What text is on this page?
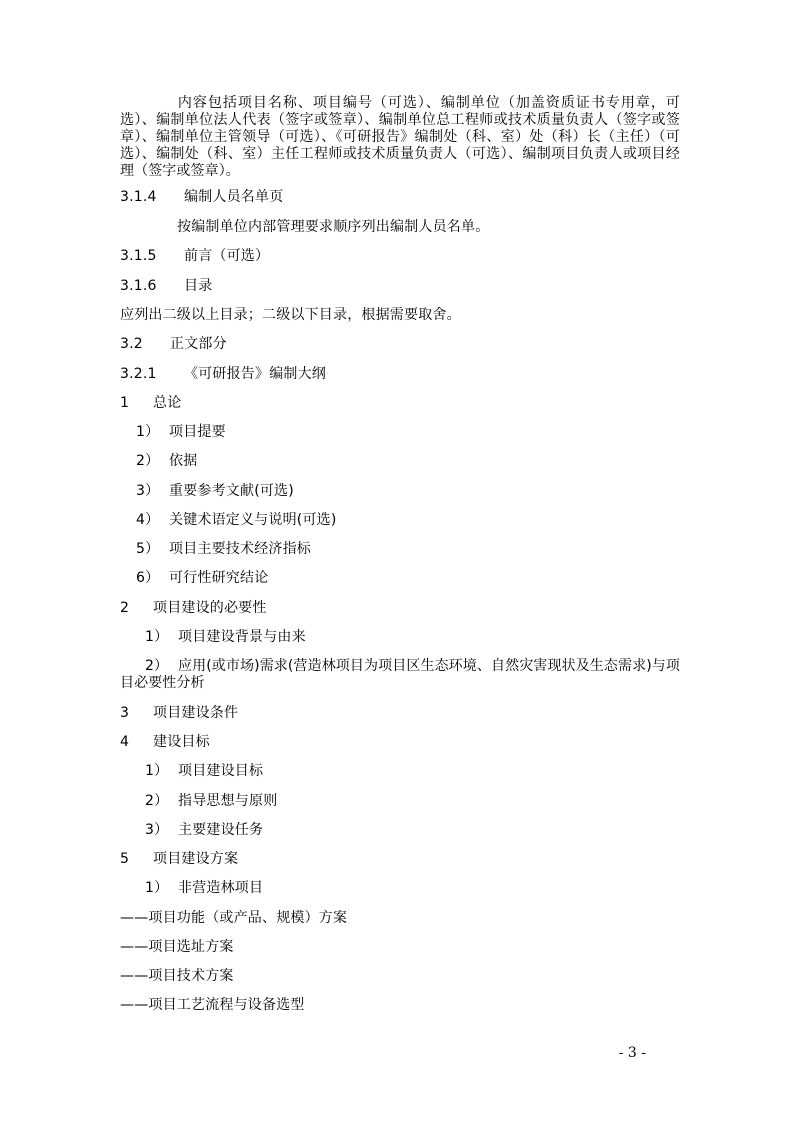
内容包括项目名称、项目编号（可选）、编制单位（加盖资质证书专用章，可选）、编制单位法人代表（签字或签章）、编制单位总工程师或技术质量负责人（签字或签章）、编制单位主管领导（可选）、《可研报告》编制处（科、室）处（科）长（主任）（可选）、编制处（科、室）主任工程师或技术质量负责人（可选）、编制项目负责人或项目经理（签字或签章）。
3.1.4 编制人员名单页
按编制单位内部管理要求顺序列出编制人员名单。
3.1.5 前言（可选）
3.1.6 目录
应列出二级以上目录；二级以下目录，根据需要取舍。
3.2 正文部分
3.2.1 《可研报告》编制大纲
1 总论
1） 项目提要
2） 依据
3） 重要参考文献(可选)
4） 关键术语定义与说明(可选)
5） 项目主要技术经济指标
6） 可行性研究结论
2 项目建设的必要性
1） 项目建设背景与由来
2） 应用(或市场)需求(营造林项目为项目区生态环境、自然灾害现状及生态需求)与项目必要性分析
3 项目建设条件
4 建设目标
1） 项目建设目标
2） 指导思想与原则
3） 主要建设任务
5 项目建设方案
1） 非营造林项目
——项目功能（或产品、规模）方案
——项目选址方案
——项目技术方案
——项目工艺流程与设备选型
- 3 -
